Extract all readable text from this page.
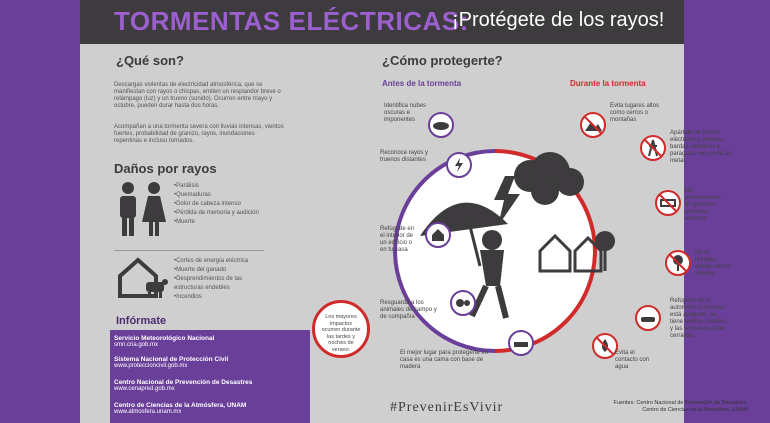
TORMENTAS ELÉCTRICAS:
¡Protégete de los rayos!
¿Qué son?
Descargas violentas de electricidad atmosférica, que se manifiestan con rayos o chispas, emiten un resplandor breve o relámpago (luz) y un trueno (sonido). Ocurren entre mayo y octubre, pueden durar hasta dos horas.
Acompañan a una tormenta severa con lluvias intensas, vientos fuertes, probabilidad de granizo, rayos, inundaciones repentinas e incluso tornados.
Daños por rayos
•Parálisis
•Quemaduras
•Dolor de cabeza intenso
•Pérdida de memoria y audición
•Muerte
•Cortes de energía eléctrica
•Muerte del ganado
•Desprendimientos de las estructuras endebles
•Incendios
Infórmate
Servicio Meteorológico Nacional
smn.cna.gob.mx
Sistema Nacional de Protección Civil
www.proteccioncivil.gob.mx
Centro Nacional de Prevención de Desastres
www.cenapred.gob.mx
Centro de Ciencias de la Atmósfera, UNAM
www.atmosfera.unam.mx
Los mayores impactos ocurren durante las tardes y noches de verano.
¿Cómo protegerte?
Antes de la tormenta	Durante la tormenta
Identifica nubes oscuras e imponentes
Reconoce rayos y truenos distantes
Refúgiate en el interior de un edificio o en tu casa
Resguarda a los animales de campo y de compañía
El mejor lugar para protegerte en casa es una cama con base de madera
Evita lugares altos como cerros o montañas
Apártate de postes eléctricos o antenas, bardas metálicas y paraguas con punta de metal
No permanezcas en grandes espacios abiertos
No te refugies debajo de los árboles
Refúgiate en tu automóvil si el motor está apagado, no tiene antena metálica y las ventanas están cerradas
Evita el contacto con agua
#PrevenirEsVivir	Fuentes: Centro Nacional de Prevención de Desastres, Centro de Ciencias de la Atmósfera, UNAM
